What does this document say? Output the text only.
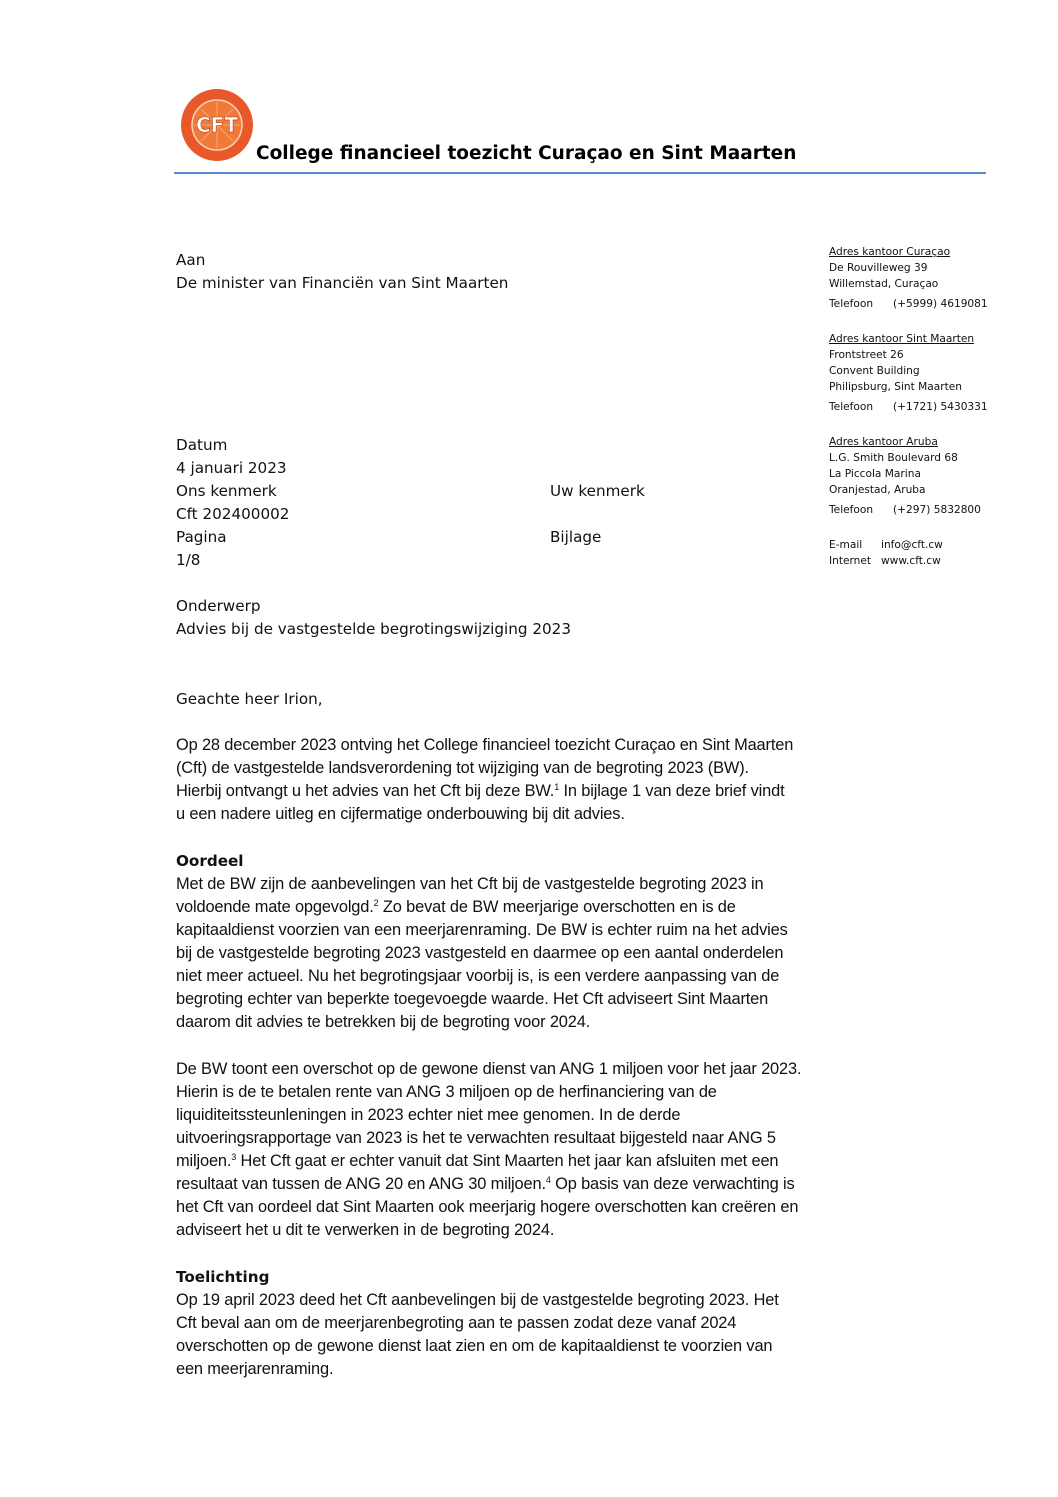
CFT
College financieel toezicht Curaçao en Sint Maarten
Aan
De minister van Financiën van Sint Maarten
Datum
4 januari 2023
Ons kenmerk	Uw kenmerk
Cft 202400002
Pagina	Bijlage
1/8
Onderwerp
Advies bij de vastgestelde begrotingswijziging 2023
Adres kantoor Curaçao
De Rouvilleweg 39
Willemstad, Curaçao
Telefoon (+5999) 4619081
Adres kantoor Sint Maarten
Frontstreet 26
Convent Building
Philipsburg, Sint Maarten
Telefoon (+1721) 5430331
Adres kantoor Aruba
L.G. Smith Boulevard 68
La Piccola Marina
Oranjestad, Aruba
Telefoon (+297) 5832800
E-mail info@cft.cw
Internet www.cft.cw
Geachte heer Irion,
Op 28 december 2023 ontving het College financieel toezicht Curaçao en Sint Maarten
(Cft) de vastgestelde landsverordening tot wijziging van de begroting 2023 (BW).
Hierbij ontvangt u het advies van het Cft bij deze BW.$^1$ In bijlage 1 van deze brief vindt
u een nadere uitleg en cijfermatige onderbouwing bij dit advies.
Oordeel
Met de BW zijn de aanbevelingen van het Cft bij de vastgestelde begroting 2023 in
voldoende mate opgevolgd.$^2$ Zo bevat de BW meerjarige overschotten en is de
kapitaaldienst voorzien van een meerjarenraming. De BW is echter ruim na het advies
bij de vastgestelde begroting 2023 vastgesteld en daarmee op een aantal onderdelen
niet meer actueel. Nu het begrotingsjaar voorbij is, is een verdere aanpassing van de
begroting echter van beperkte toegevoegde waarde. Het Cft adviseert Sint Maarten
daarom dit advies te betrekken bij de begroting voor 2024.
De BW toont een overschot op de gewone dienst van ANG 1 miljoen voor het jaar 2023.
Hierin is de te betalen rente van ANG 3 miljoen op de herfinanciering van de
liquiditeitssteunleningen in 2023 echter niet mee genomen. In de derde
uitvoeringsrapportage van 2023 is het te verwachten resultaat bijgesteld naar ANG 5
miljoen.$^3$ Het Cft gaat er echter vanuit dat Sint Maarten het jaar kan afsluiten met een
resultaat van tussen de ANG 20 en ANG 30 miljoen.$^4$ Op basis van deze verwachting is
het Cft van oordeel dat Sint Maarten ook meerjarig hogere overschotten kan creëren en
adviseert het u dit te verwerken in de begroting 2024.
Toelichting
Op 19 april 2023 deed het Cft aanbevelingen bij de vastgestelde begroting 2023. Het
Cft beval aan om de meerjarenbegroting aan te passen zodat deze vanaf 2024
overschotten op de gewone dienst laat zien en om de kapitaaldienst te voorzien van
een meerjarenraming.
